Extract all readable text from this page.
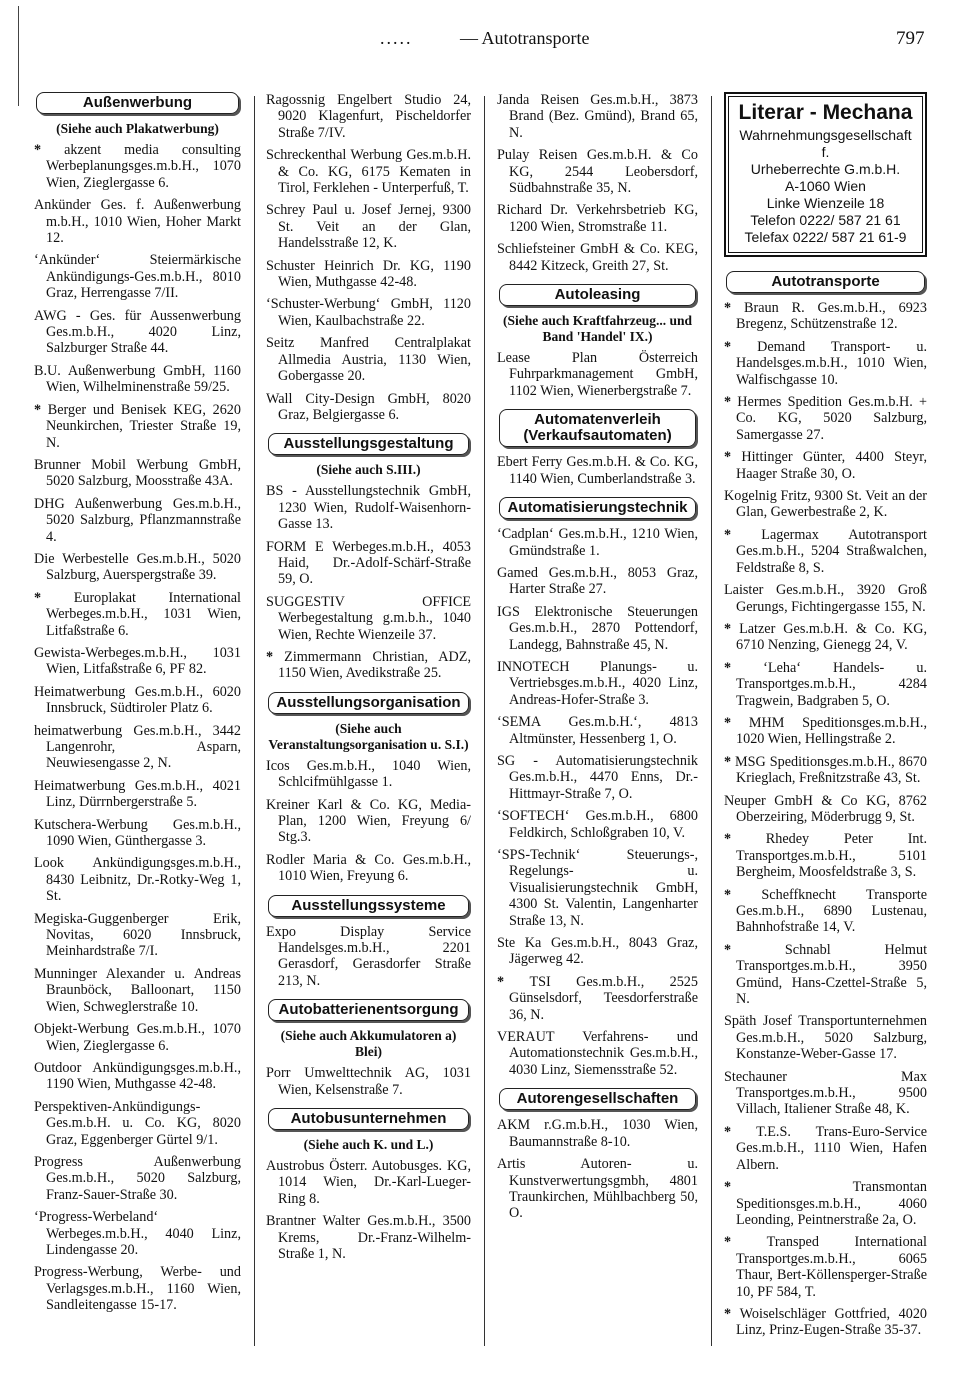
.....	— Autotransporte	797
Außenwerbung
(Siehe auch Plakatwerbung)
* akzent media consulting Werbeplanungsges.m.b.H., 1070 Wien, Zieglergasse 6.
Ankünder Ges. f. Außenwerbung m.b.H., 1010 Wien, Hoher Markt 12.
‘Ankünder‘ Steiermärkische Ankündigungs-Ges.m.b.H., 8010 Graz, Herrengasse 7/II.
AWG - Ges. für Aussenwerbung Ges.m.b.H., 4020 Linz, Salzburger Straße 44.
B.U. Außenwerbung GmbH, 1160 Wien, Wilhelminenstraße 59/25.
* Berger und Benisek KEG, 2620 Neunkirchen, Triester Straße 19, N.
Brunner Mobil Werbung GmbH, 5020 Salzburg, Moosstraße 43A.
DHG Außenwerbung Ges.m.b.H., 5020 Salzburg, Pflanzmannstraße 4.
Die Werbestelle Ges.m.b.H., 5020 Salzburg, Auerspergstraße 39.
* Europlakat International Werbeges.m.b.H., 1031 Wien, Litfaßstraße 6.
Gewista-Werbeges.m.b.H., 1031 Wien, Litfaßstraße 6, PF 82.
Heimatwerbung Ges.m.b.H., 6020 Innsbruck, Südtiroler Platz 6.
heimatwerbung Ges.m.b.H., 3442 Langenrohr, Asparn, Neuwiesengasse 2, N.
Heimatwerbung Ges.m.b.H., 4021 Linz, Dürrnbergerstraße 5.
Kutschera-Werbung Ges.m.b.H., 1090 Wien, Günthergasse 3.
Look Ankündigungsges.m.b.H., 8430 Leibnitz, Dr.-Rotky-Weg 1, St.
Megiska-Guggenberger Erik, Novitas, 6020 Innsbruck, Meinhardstraße 7/I.
Munninger Alexander u. Andreas Braunböck, Balloonart, 1150 Wien, Schweglerstraße 10.
Objekt-Werbung Ges.m.b.H., 1070 Wien, Zieglergasse 6.
Outdoor Ankündigungsges.m.b.H., 1190 Wien, Muthgasse 42-48.
Perspektiven-Ankündigungs-Ges.m.b.H. u. Co. KG, 8020 Graz, Eggenberger Gürtel 9/1.
Progress Außenwerbung Ges.m.b.H., 5020 Salzburg, Franz-Sauer-Straße 30.
‘Progress-Werbeland‘ Werbeges.m.b.H., 4040 Linz, Lindengasse 20.
Progress-Werbung, Werbe- und Verlagsges.m.b.H., 1160 Wien, Sandleitengasse 15-17.
Ragossnig Engelbert Studio 24, 9020 Klagenfurt, Pischeldorfer Straße 7/IV.
Schreckenthal Werbung Ges.m.b.H. & Co. KG, 6175 Kematen in Tirol, Ferklehen - Unterperfuß, T.
Schrey Paul u. Josef Jernej, 9300 St. Veit an der Glan, Handelsstraße 12, K.
Schuster Heinrich Dr. KG, 1190 Wien, Muthgasse 42-48.
‘Schuster-Werbung‘ GmbH, 1120 Wien, Kaulbachstraße 22.
Seitz Manfred Centralplakat Allmedia Austria, 1130 Wien, Gobergasse 20.
Wall City-Design GmbH, 8020 Graz, Belgiergasse 6.
Ausstellungsgestaltung
(Siehe auch S.III.)
BS - Ausstellungstechnik GmbH, 1230 Wien, Rudolf-Waisenhorn-Gasse 13.
FORM E Werbeges.m.b.H., 4053 Haid, Dr.-Adolf-Schärf-Straße 59, O.
SUGGESTIV OFFICE Werbegestaltung g.m.b.h., 1040 Wien, Rechte Wienzeile 37.
* Zimmermann Christian, ADZ, 1150 Wien, Avedikstraße 25.
Ausstellungsorganisation
(Siehe auch Veranstaltungsorganisation u. S.I.)
Icos Ges.m.b.H., 1040 Wien, Schlcifmühlgasse 1.
Kreiner Karl & Co. KG, Media-Plan, 1200 Wien, Freyung 6/ Stg.3.
Rodler Maria & Co. Ges.m.b.H., 1010 Wien, Freyung 6.
Ausstellungssysteme
Expo Display Service Handelsges.m.b.H., 2201 Gerasdorf, Gerasdorfer Straße 213, N.
Autobatterienentsorgung
(Siehe auch Akkumulatoren a) Blei)
Porr Umwelttechnik AG, 1031 Wien, Kelsenstraße 7.
Autobusunternehmen
(Siehe auch K. und L.)
Austrobus Österr. Autobusges. KG, 1014 Wien, Dr.-Karl-Lueger-Ring 8.
Brantner Walter Ges.m.b.H., 3500 Krems, Dr.-Franz-Wilhelm-Straße 1, N.
Janda Reisen Ges.m.b.H., 3873 Brand (Bez. Gmünd), Brand 65, N.
Pulay Reisen Ges.m.b.H. & Co KG, 2544 Leobersdorf, Südbahnstraße 35, N.
Richard Dr. Verkehrsbetrieb KG, 1200 Wien, Stromstraße 11.
Schliefsteiner GmbH & Co. KEG, 8442 Kitzeck, Greith 27, St.
Autoleasing
(Siehe auch Kraftfahrzeug... und Band 'Handel' IX.)
Lease Plan Österreich Fuhrparkmanagement GmbH, 1102 Wien, Wienerbergstraße 7.
Automatenverleih (Verkaufsautomaten)
Ebert Ferry Ges.m.b.H. & Co. KG, 1140 Wien, Cumberlandstraße 3.
Automatisierungstechnik
‘Cadplan‘ Ges.m.b.H., 1210 Wien, Gmündstraße 1.
Gamed Ges.m.b.H., 8053 Graz, Harter Straße 27.
IGS Elektronische Steuerungen Ges.m.b.H., 2870 Pottendorf, Landegg, Bahnstraße 45, N.
INNOTECH Planungs- u. Vertriebsges.m.b.H., 4020 Linz, Andreas-Hofer-Straße 3.
‘SEMA Ges.m.b.H.‘, 4813 Altmünster, Hessenberg 1, O.
SG - Automatisierungstechnik Ges.m.b.H., 4470 Enns, Dr.-Hittmayr-Straße 7, O.
‘SOFTECH‘ Ges.m.b.H., 6800 Feldkirch, Schloßgraben 10, V.
‘SPS-Technik‘ Steuerungs-, Regelungs- u. Visualisierungstechnik GmbH, 4300 St. Valentin, Langenharter Straße 13, N.
Ste Ka Ges.m.b.H., 8043 Graz, Jägerweg 42.
* TSI Ges.m.b.H., 2525 Günselsdorf, Teesdorferstraße 36, N.
VERAUT Verfahrens- und Automationstechnik Ges.m.b.H., 4030 Linz, Siemensstraße 52.
Autorengesellschaften
AKM r.G.m.b.H., 1030 Wien, Baumannstraße 8-10.
Artis Autoren- u. Kunstverwertungsgmbh, 4801 Traunkirchen, Mühlbachberg 50, O.
Literar - Mechana
Wahrnehmungsgesellschaft f.
Urheberrechte G.m.b.H.
A-1060 Wien
Linke Wienzeile 18
Telefon 0222/ 587 21 61
Telefax 0222/ 587 21 61-9
Autotransporte
* Braun R. Ges.m.b.H., 6923 Bregenz, Schützenstraße 12.
* Demand Transport- u. Handelsges.m.b.H., 1010 Wien, Walfischgasse 10.
* Hermes Spedition Ges.m.b.H. + Co. KG, 5020 Salzburg, Samergasse 27.
* Hittinger Günter, 4400 Steyr, Haager Straße 30, O.
Kogelnig Fritz, 9300 St. Veit an der Glan, Gewerbestraße 2, K.
* Lagermax Autotransport Ges.m.b.H., 5204 Straßwalchen, Feldstraße 8, S.
Laister Ges.m.b.H., 3920 Groß Gerungs, Fichtingergasse 155, N.
* Latzer Ges.m.b.H. & Co. KG, 6710 Nenzing, Gienegg 24, V.
* ‘Leha‘ Handels- u. Transportges.m.b.H., 4284 Tragwein, Badgraben 5, O.
* MHM Speditionsges.m.b.H., 1020 Wien, Hellingstraße 2.
* MSG Speditionsges.m.b.H., 8670 Krieglach, Freßnitzstraße 43, St.
Neuper GmbH & Co KG, 8762 Oberzeiring, Möderbrugg 9, St.
* Rhedey Peter Int. Transportges.m.b.H., 5101 Bergheim, Moosfeldstraße 3, S.
* Scheffknecht Transporte Ges.m.b.H., 6890 Lustenau, Bahnhofstraße 14, V.
* Schnabl Helmut Transportges.m.b.H., 3950 Gmünd, Hans-Czettel-Straße 5, N.
Späth Josef Transportunternehmen Ges.m.b.H., 5020 Salzburg, Konstanze-Weber-Gasse 17.
Stechauner Max Transportges.m.b.H., 9500 Villach, Italiener Straße 48, K.
* T.E.S. Trans-Euro-Service Ges.m.b.H., 1110 Wien, Hafen Albern.
* Transmontan Speditionsges.m.b.H., 4060 Leonding, Peintnerstraße 2a, O.
* Transped International Transportges.m.b.H., 6065 Thaur, Bert-Köllensperger-Straße 10, PF 584, T.
* Woiselschläger Gottfried, 4020 Linz, Prinz-Eugen-Straße 35-37.
